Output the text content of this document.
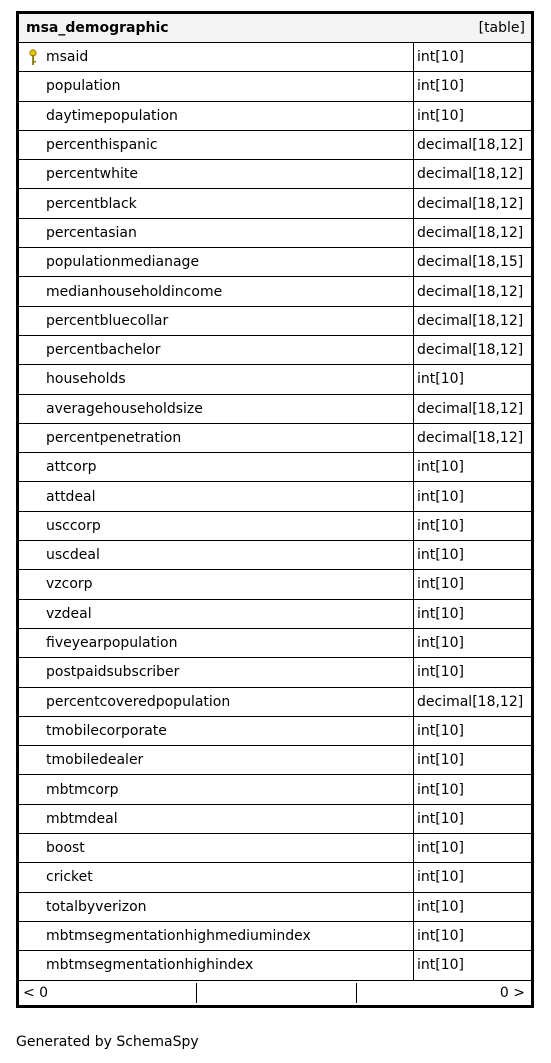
msa_demographic	[table]
msaid	int[10]
population	int[10]
daytimepopulation	int[10]
percenthispanic	decimal[18,12]
percentwhite	decimal[18,12]
percentblack	decimal[18,12]
percentasian	decimal[18,12]
populationmedianage	decimal[18,15]
medianhouseholdincome	decimal[18,12]
percentbluecollar	decimal[18,12]
percentbachelor	decimal[18,12]
households	int[10]
averagehouseholdsize	decimal[18,12]
percentpenetration	decimal[18,12]
attcorp	int[10]
attdeal	int[10]
usccorp	int[10]
uscdeal	int[10]
vzcorp	int[10]
vzdeal	int[10]
fiveyearpopulation	int[10]
postpaidsubscriber	int[10]
percentcoveredpopulation	decimal[18,12]
tmobilecorporate	int[10]
tmobiledealer	int[10]
mbtmcorp	int[10]
mbtmdeal	int[10]
boost	int[10]
cricket	int[10]
totalbyverizon	int[10]
mbtmsegmentationhighmediumindex	int[10]
mbtmsegmentationhighindex	int[10]
< 0	0 >
Generated by SchemaSpy
